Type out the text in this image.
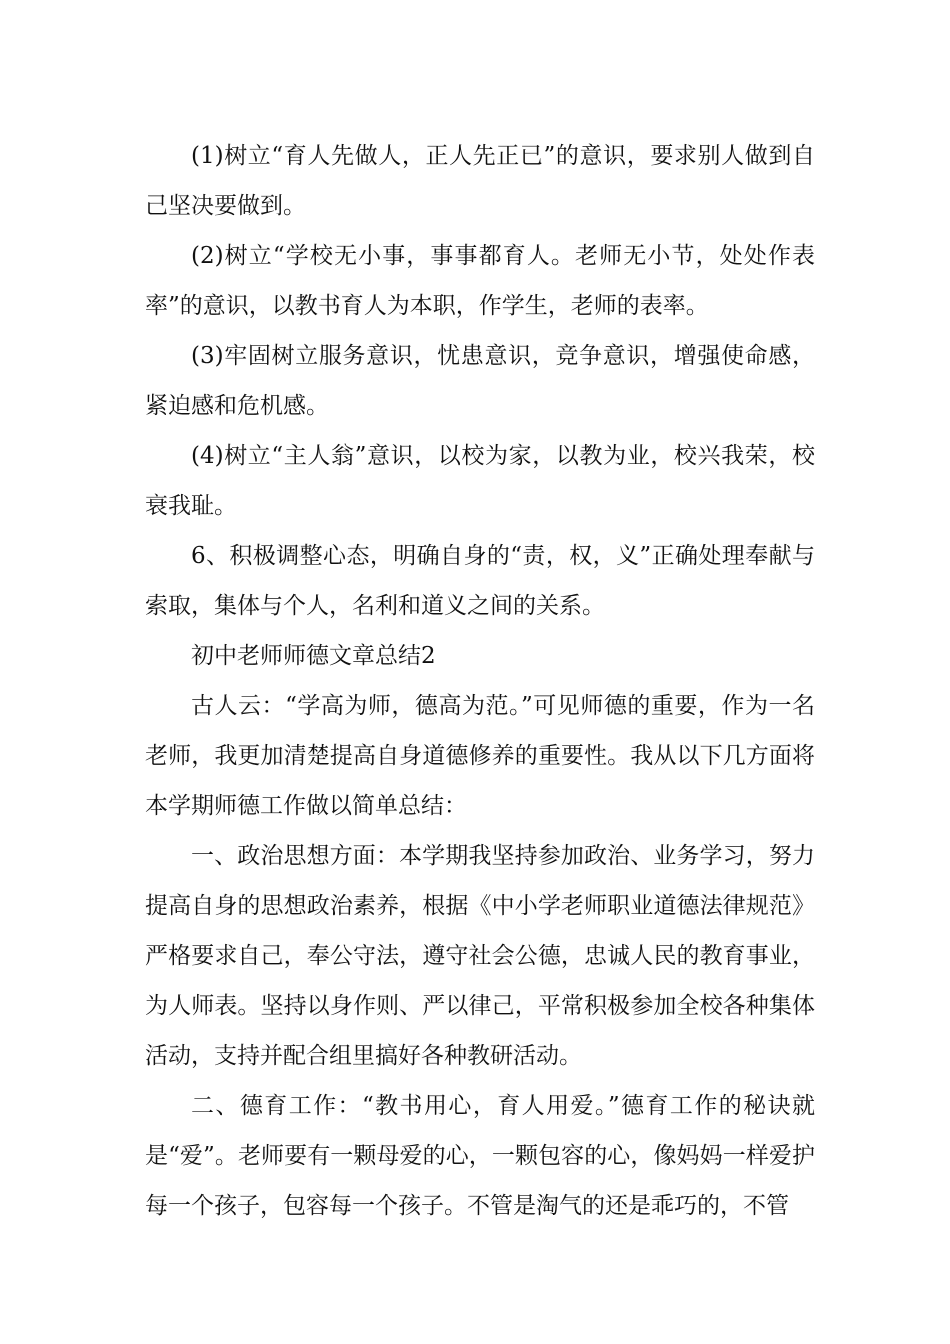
(1)树立“育人先做人，正人先正已”的意识，要求别人做到自己坚决要做到。

(2)树立“学校无小事，事事都育人。老师无小节，处处作表率”的意识，以教书育人为本职，作学生，老师的表率。

(3)牢固树立服务意识，忧患意识，竞争意识，增强使命感，紧迫感和危机感。

(4)树立“主人翁”意识，以校为家，以教为业，校兴我荣，校衰我耻。

6、积极调整心态，明确自身的“责，权，义”正确处理奉献与索取，集体与个人，名利和道义之间的关系。

初中老师师德文章总结2

古人云：“学高为师，德高为范。”可见师德的重要，作为一名老师，我更加清楚提高自身道德修养的重要性。我从以下几方面将本学期师德工作做以简单总结：

一、政治思想方面：本学期我坚持参加政治、业务学习，努力提高自身的思想政治素养，根据《中小学老师职业道德法律规范》严格要求自己，奉公守法，遵守社会公德，忠诚人民的教育事业，为人师表。坚持以身作则、严以律己，平常积极参加全校各种集体活动，支持并配合组里搞好各种教研活动。

二、德育工作：“教书用心，育人用爱。”德育工作的秘诀就是“爱”。老师要有一颗母爱的心，一颗包容的心，像妈妈一样爱护每一个孩子，包容每一个孩子。不管是淘气的还是乖巧的，不管
